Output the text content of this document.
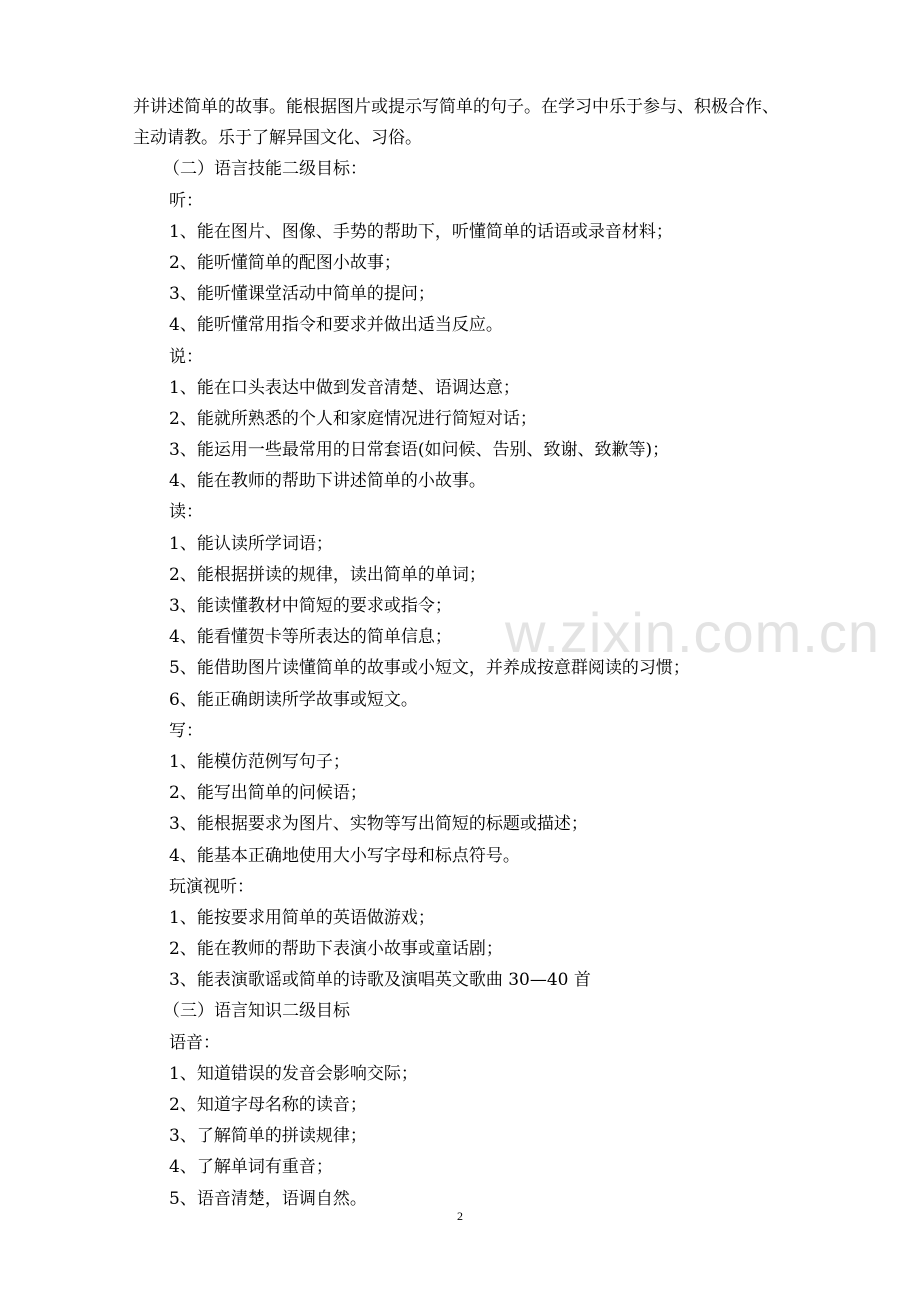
w.zixin.com.cn
并讲述简单的故事。能根据图片或提示写简单的句子。在学习中乐于参与、积极合作、
主动请教。乐于了解异国文化、习俗。
（二）语言技能二级目标：
听：
1、能在图片、图像、手势的帮助下，听懂简单的话语或录音材料；
2、能听懂简单的配图小故事；
3、能听懂课堂活动中简单的提问；
4、能听懂常用指令和要求并做出适当反应。
说：
1、能在口头表达中做到发音清楚、语调达意；
2、能就所熟悉的个人和家庭情况进行简短对话；
3、能运用一些最常用的日常套语(如问候、告别、致谢、致歉等)；
4、能在教师的帮助下讲述简单的小故事。
读：
1、能认读所学词语；
2、能根据拼读的规律，读出简单的单词；
3、能读懂教材中简短的要求或指令；
4、能看懂贺卡等所表达的简单信息；
5、能借助图片读懂简单的故事或小短文，并养成按意群阅读的习惯；
6、能正确朗读所学故事或短文。
写：
1、能模仿范例写句子；
2、能写出简单的问候语；
3、能根据要求为图片、实物等写出简短的标题或描述；
4、能基本正确地使用大小写字母和标点符号。
玩演视听：
1、能按要求用简单的英语做游戏；
2、能在教师的帮助下表演小故事或童话剧；
3、能表演歌谣或简单的诗歌及演唱英文歌曲 30—40 首
（三）语言知识二级目标
语音：
1、知道错误的发音会影响交际；
2、知道字母名称的读音；
3、了解简单的拼读规律；
4、了解单词有重音；
5、语音清楚，语调自然。
2
